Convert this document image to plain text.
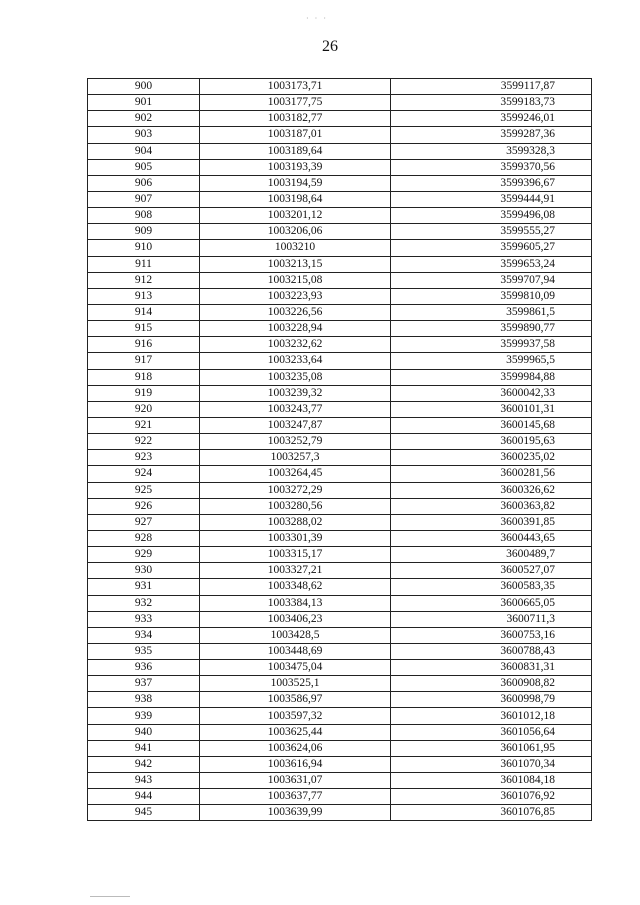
· · ·
26
900	1003173,71	3599117,87
901	1003177,75	3599183,73
902	1003182,77	3599246,01
903	1003187,01	3599287,36
904	1003189,64	3599328,3
905	1003193,39	3599370,56
906	1003194,59	3599396,67
907	1003198,64	3599444,91
908	1003201,12	3599496,08
909	1003206,06	3599555,27
910	1003210	3599605,27
911	1003213,15	3599653,24
912	1003215,08	3599707,94
913	1003223,93	3599810,09
914	1003226,56	3599861,5
915	1003228,94	3599890,77
916	1003232,62	3599937,58
917	1003233,64	3599965,5
918	1003235,08	3599984,88
919	1003239,32	3600042,33
920	1003243,77	3600101,31
921	1003247,87	3600145,68
922	1003252,79	3600195,63
923	1003257,3	3600235,02
924	1003264,45	3600281,56
925	1003272,29	3600326,62
926	1003280,56	3600363,82
927	1003288,02	3600391,85
928	1003301,39	3600443,65
929	1003315,17	3600489,7
930	1003327,21	3600527,07
931	1003348,62	3600583,35
932	1003384,13	3600665,05
933	1003406,23	3600711,3
934	1003428,5	3600753,16
935	1003448,69	3600788,43
936	1003475,04	3600831,31
937	1003525,1	3600908,82
938	1003586,97	3600998,79
939	1003597,32	3601012,18
940	1003625,44	3601056,64
941	1003624,06	3601061,95
942	1003616,94	3601070,34
943	1003631,07	3601084,18
944	1003637,77	3601076,92
945	1003639,99	3601076,85
